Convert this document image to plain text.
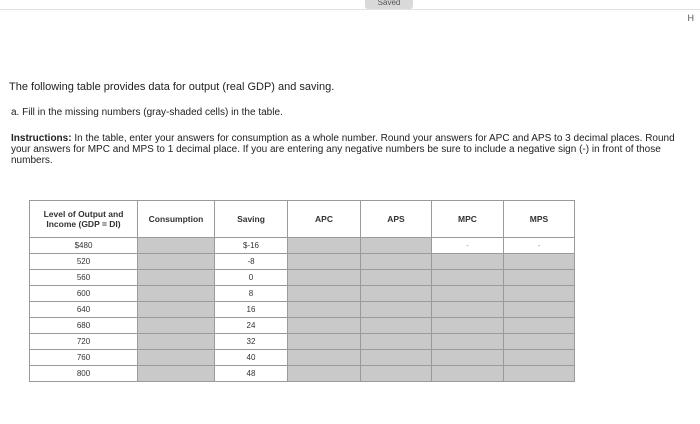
Saved
H
The following table provides data for output (real GDP) and saving.
a. Fill in the missing numbers (gray-shaded cells) in the table.
Instructions: In the table, enter your answers for consumption as a whole number. Round your answers for APC and APS to 3 decimal places. Round your answers for MPC and MPS to 1 decimal place. If you are entering any negative numbers be sure to include a negative sign (-) in front of those numbers.
Level of Output and Income (GDP = DI)	Consumption	Saving	APC	APS	MPC	MPS
$480		$-16			-	-
520		-8				
560		0				
600		8				
640		16				
680		24				
720		32				
760		40				
800		48				
